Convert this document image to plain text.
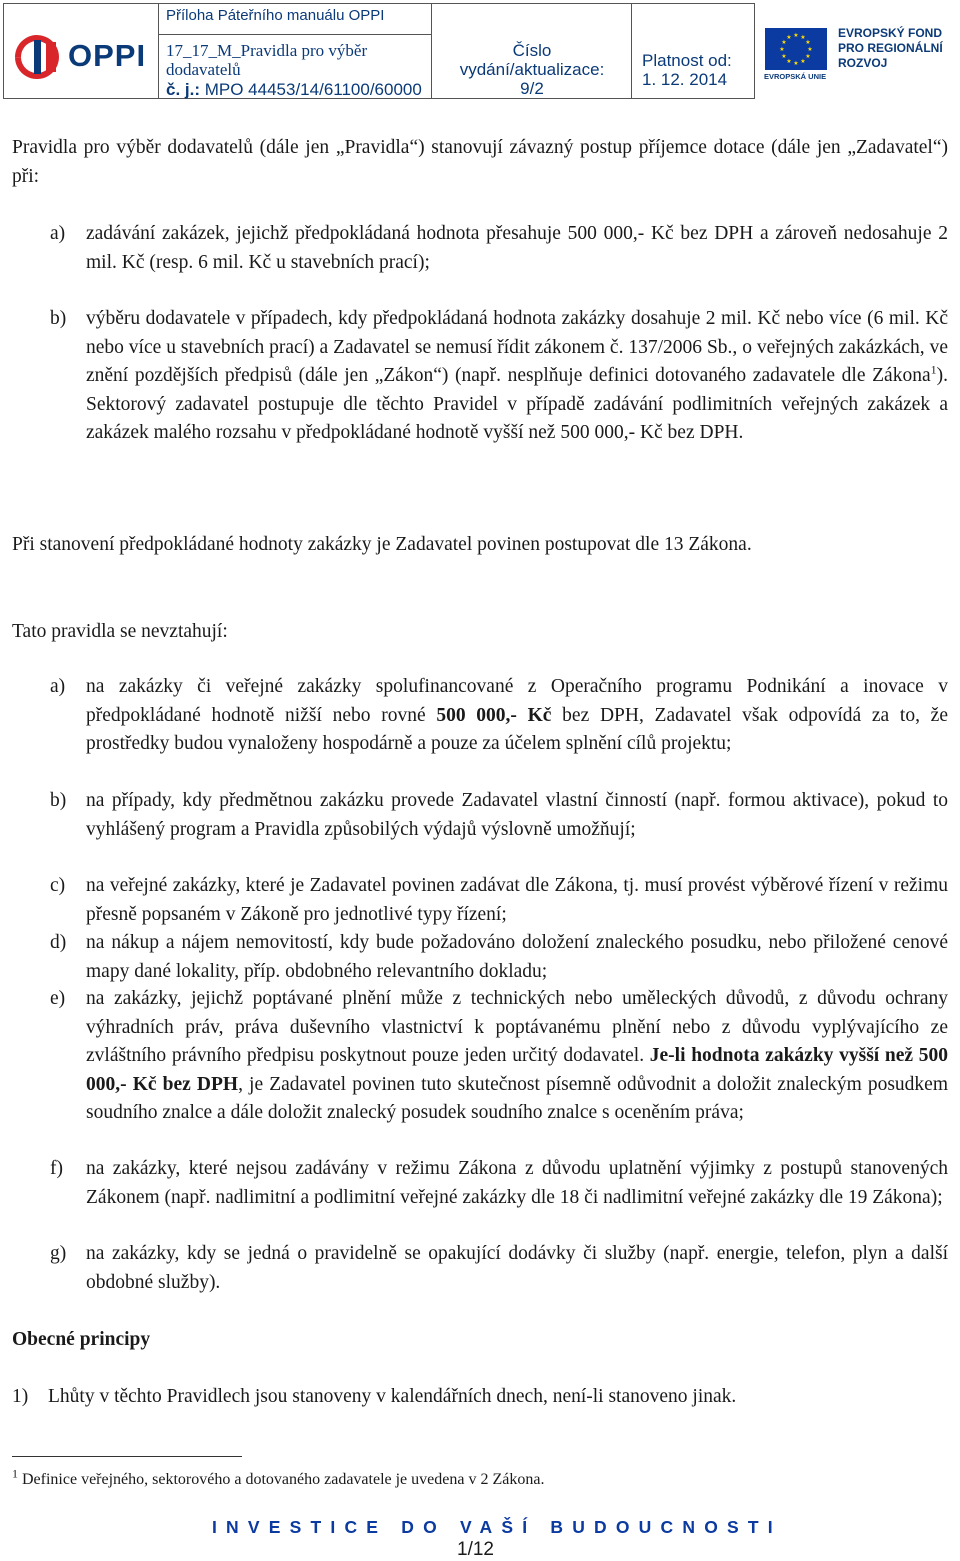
OPPI
Příloha Páteřního manuálu OPPI
17_17_M_Pravidla pro výběr dodavatelů
č. j.: MPO 44453/14/61100/60000
Číslo vydání/aktualizace:
9/2
Platnost od:
1. 12. 2014
★ ★
★
★
★
★
★
★
★
★
★
★
EVROPSKÁ UNIE
EVROPSKÝ FOND PRO REGIONÁLNÍ ROZVOJ
Pravidla pro výběr dodavatelů (dále jen „Pravidla“) stanovují závazný postup příjemce dotace (dále jen „Zadavatel“) při:
a) zadávání zakázek, jejichž předpokládaná hodnota přesahuje 500 000,- Kč bez DPH a zároveň nedosahuje 2 mil. Kč (resp. 6 mil. Kč u stavebních prací);
b) výběru dodavatele v případech, kdy předpokládaná hodnota zakázky dosahuje 2 mil. Kč nebo více (6 mil. Kč nebo více u stavebních prací) a Zadavatel se nemusí řídit zákonem č. 137/2006 Sb., o veřejných zakázkách, ve znění pozdějších předpisů (dále jen „Zákon“) (např. nesplňuje definici dotovaného zadavatele dle Zákona$^1$). Sektorový zadavatel postupuje dle těchto Pravidel v případě zadávání podlimitních veřejných zakázek a zakázek malého rozsahu v předpokládané hodnotě vyšší než 500 000,- Kč bez DPH.
Při stanovení předpokládané hodnoty zakázky je Zadavatel povinen postupovat dle 13 Zákona.
Tato pravidla se nevztahují:
a) na zakázky či veřejné zakázky spolufinancované z Operačního programu Podnikání a inovace v předpokládané hodnotě nižší nebo rovné 500 000,- Kč bez DPH, Zadavatel však odpovídá za to, že prostředky budou vynaloženy hospodárně a pouze za účelem splnění cílů projektu;
b) na případy, kdy předmětnou zakázku provede Zadavatel vlastní činností (např. formou aktivace), pokud to vyhlášený program a Pravidla způsobilých výdajů výslovně umožňují;
c) na veřejné zakázky, které je Zadavatel povinen zadávat dle Zákona, tj. musí provést výběrové řízení v režimu přesně popsaném v Zákoně pro jednotlivé typy řízení;
d) na nákup a nájem nemovitostí, kdy bude požadováno doložení znaleckého posudku, nebo přiložené cenové mapy dané lokality, příp. obdobného relevantního dokladu;
e) na zakázky, jejichž poptávané plnění může z technických nebo uměleckých důvodů, z důvodu ochrany výhradních práv, práva duševního vlastnictví k poptávanému plnění nebo z důvodu vyplývajícího ze zvláštního právního předpisu poskytnout pouze jeden určitý dodavatel. Je-li hodnota zakázky vyšší než 500 000,- Kč bez DPH, je Zadavatel povinen tuto skutečnost písemně odůvodnit a doložit znaleckým posudkem soudního znalce a dále doložit znalecký posudek soudního znalce s oceněním práva;
f) na zakázky, které nejsou zadávány v režimu Zákona z důvodu uplatnění výjimky z postupů stanovených Zákonem (např. nadlimitní a podlimitní veřejné zakázky dle 18 či nadlimitní veřejné zakázky dle 19 Zákona);
g) na zakázky, kdy se jedná o pravidelně se opakující dodávky či služby (např. energie, telefon, plyn a další obdobné služby).
Obecné principy
1) Lhůty v těchto Pravidlech jsou stanoveny v kalendářních dnech, není-li stanoveno jinak.
$^1$ Definice veřejného, sektorového a dotovaného zadavatele je uvedena v 2 Zákona.
INVESTICE DO VAŠÍ BUDOUCNOSTI
1/12
